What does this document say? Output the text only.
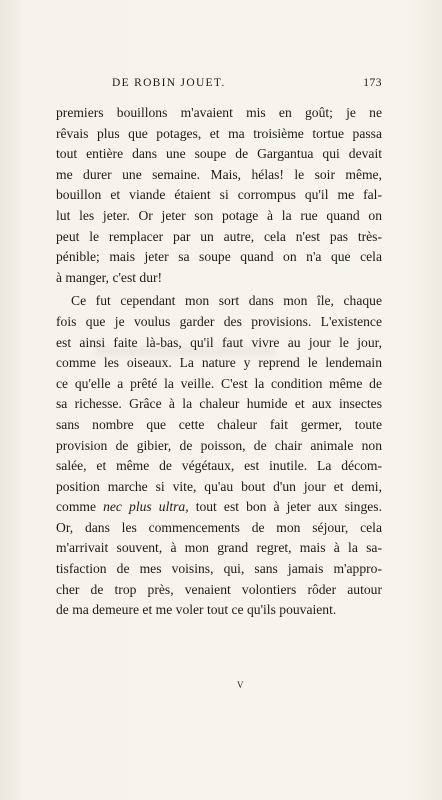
DE ROBIN JOUET.	173
premiers bouillons m'avaient mis en goût; je ne
rêvais plus que potages, et ma troisième tortue passa
tout entière dans une soupe de Gargantua qui devait
me durer une semaine. Mais, hélas! le soir même,
bouillon et viande étaient si corrompus qu'il me fal-
lut les jeter. Or jeter son potage à la rue quand on
peut le remplacer par un autre, cela n'est pas très-
pénible; mais jeter sa soupe quand on n'a que cela
à manger, c'est dur!
Ce fut cependant mon sort dans mon île, chaque
fois que je voulus garder des provisions. L'existence
est ainsi faite là-bas, qu'il faut vivre au jour le jour,
comme les oiseaux. La nature y reprend le lendemain
ce qu'elle a prêté la veille. C'est la condition même de
sa richesse. Grâce à la chaleur humide et aux insectes
sans nombre que cette chaleur fait germer, toute
provision de gibier, de poisson, de chair animale non
salée, et même de végétaux, est inutile. La décom-
position marche si vite, qu'au bout d'un jour et demi,
comme nec plus ultra, tout est bon à jeter aux singes.
Or, dans les commencements de mon séjour, cela
m'arrivait souvent, à mon grand regret, mais à la sa-
tisfaction de mes voisins, qui, sans jamais m'appro-
cher de trop près, venaient volontiers rôder autour
de ma demeure et me voler tout ce qu'ils pouvaient.
V
